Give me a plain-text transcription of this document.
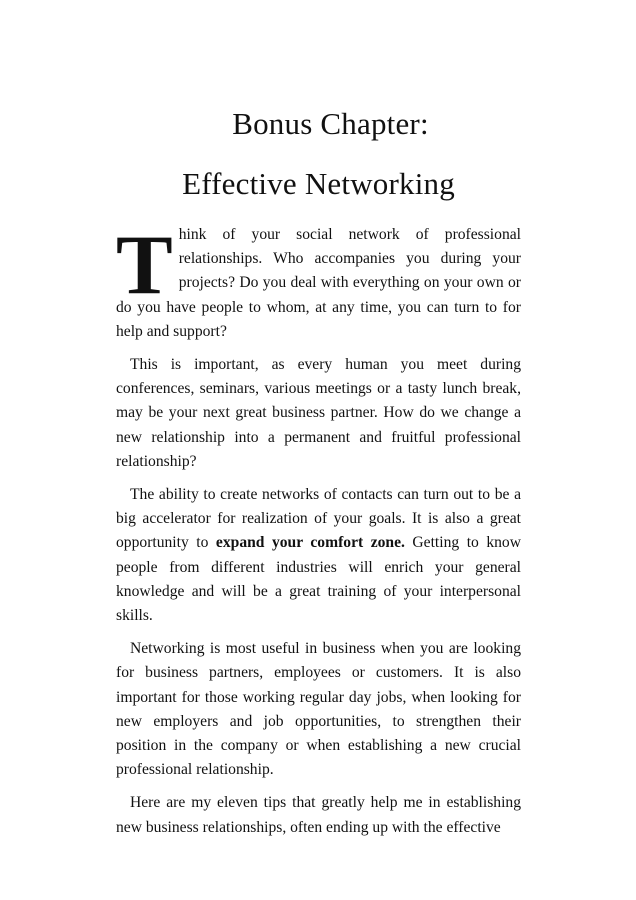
Bonus Chapter:
Effective Networking

Think of your social network of professional relationships. Who accompanies you during your projects? Do you deal with everything on your own or do you have people to whom, at any time, you can turn to for help and support?

This is important, as every human you meet during conferences, seminars, various meetings or a tasty lunch break, may be your next great business partner. How do we change a new relationship into a permanent and fruitful professional relationship?

The ability to create networks of contacts can turn out to be a big accelerator for realization of your goals. It is also a great opportunity to expand your comfort zone. Getting to know people from different industries will enrich your general knowledge and will be a great training of your interpersonal skills.

Networking is most useful in business when you are looking for business partners, employees or customers. It is also important for those working regular day jobs, when looking for new employers and job opportunities, to strengthen their position in the company or when establishing a new crucial professional relationship.

Here are my eleven tips that greatly help me in establishing new business relationships, often ending up with the effective
